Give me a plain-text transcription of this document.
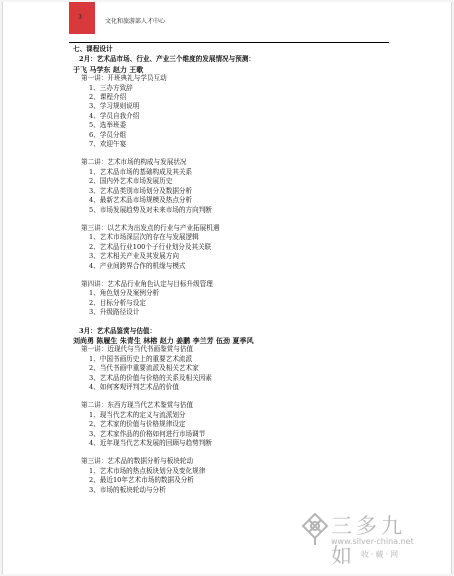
3
文化和旅游部人才中心
七、课程设计
2月：艺术品市场、行业、产业三个维度的发展情况与预测：
于飞 马学东 赵力 王歌
第一讲：开班典礼与学员互动
1、三办方致辞
2、课程介绍
3、学习规则说明
4、学员自我介绍
5、选举班委
6、学员分组
7、欢迎午宴
第二讲：艺术市场的构成与发展状况
1、艺术品市场的基础构成及其关系
2、国内外艺术市场发展历史
3、艺术品类别市场划分及数据分析
4、最新艺术品市场规模及热点分析
5、市场发展趋势及对未来市场的方向判断
第三讲：以艺术为出发点的行业与产业拓展机遇
1、艺术市场深层次的存在与发展逻辑
2、艺术品行业100个子行业划分及其关联
3、艺术相关产业及其发展方向
4、产业间跨界合作的机缘与模式
第四讲：艺术品行业角色认定与目标升级管理
1、角色划分及案例分析
2、目标分析与设定
3、升级路径设计
3月：艺术品鉴赏与估值：
刘尚勇 陈履生 朱青生 林榕 赵力 姜鹏 李兰芳 伍劲 夏季风
第一讲：近现代与当代书画鉴赏与估值
1、中国书画历史上的重要艺术流派
2、当代书画中重要流派及相关艺术家
3、艺术品的价值与价格的关系及相关因素
4、如何客观评判艺术品的价值
第二讲：东西方现当代艺术鉴赏与估值
1、现当代艺术的定义与流派划分
2、艺术家的价值与价格规律设定
3、艺术家作品的价格如何进行市场调节
4、近年现当代艺术发展的回顾与趋势判断
第三讲：艺术品的数据分析与板块轮动
1、艺术市场的热点板块划分及变化规律
2、最近10年艺术市场的数据及分析
3、市场的板块轮动与分析
三多九如
www.silver-china.net
收·藏·网
